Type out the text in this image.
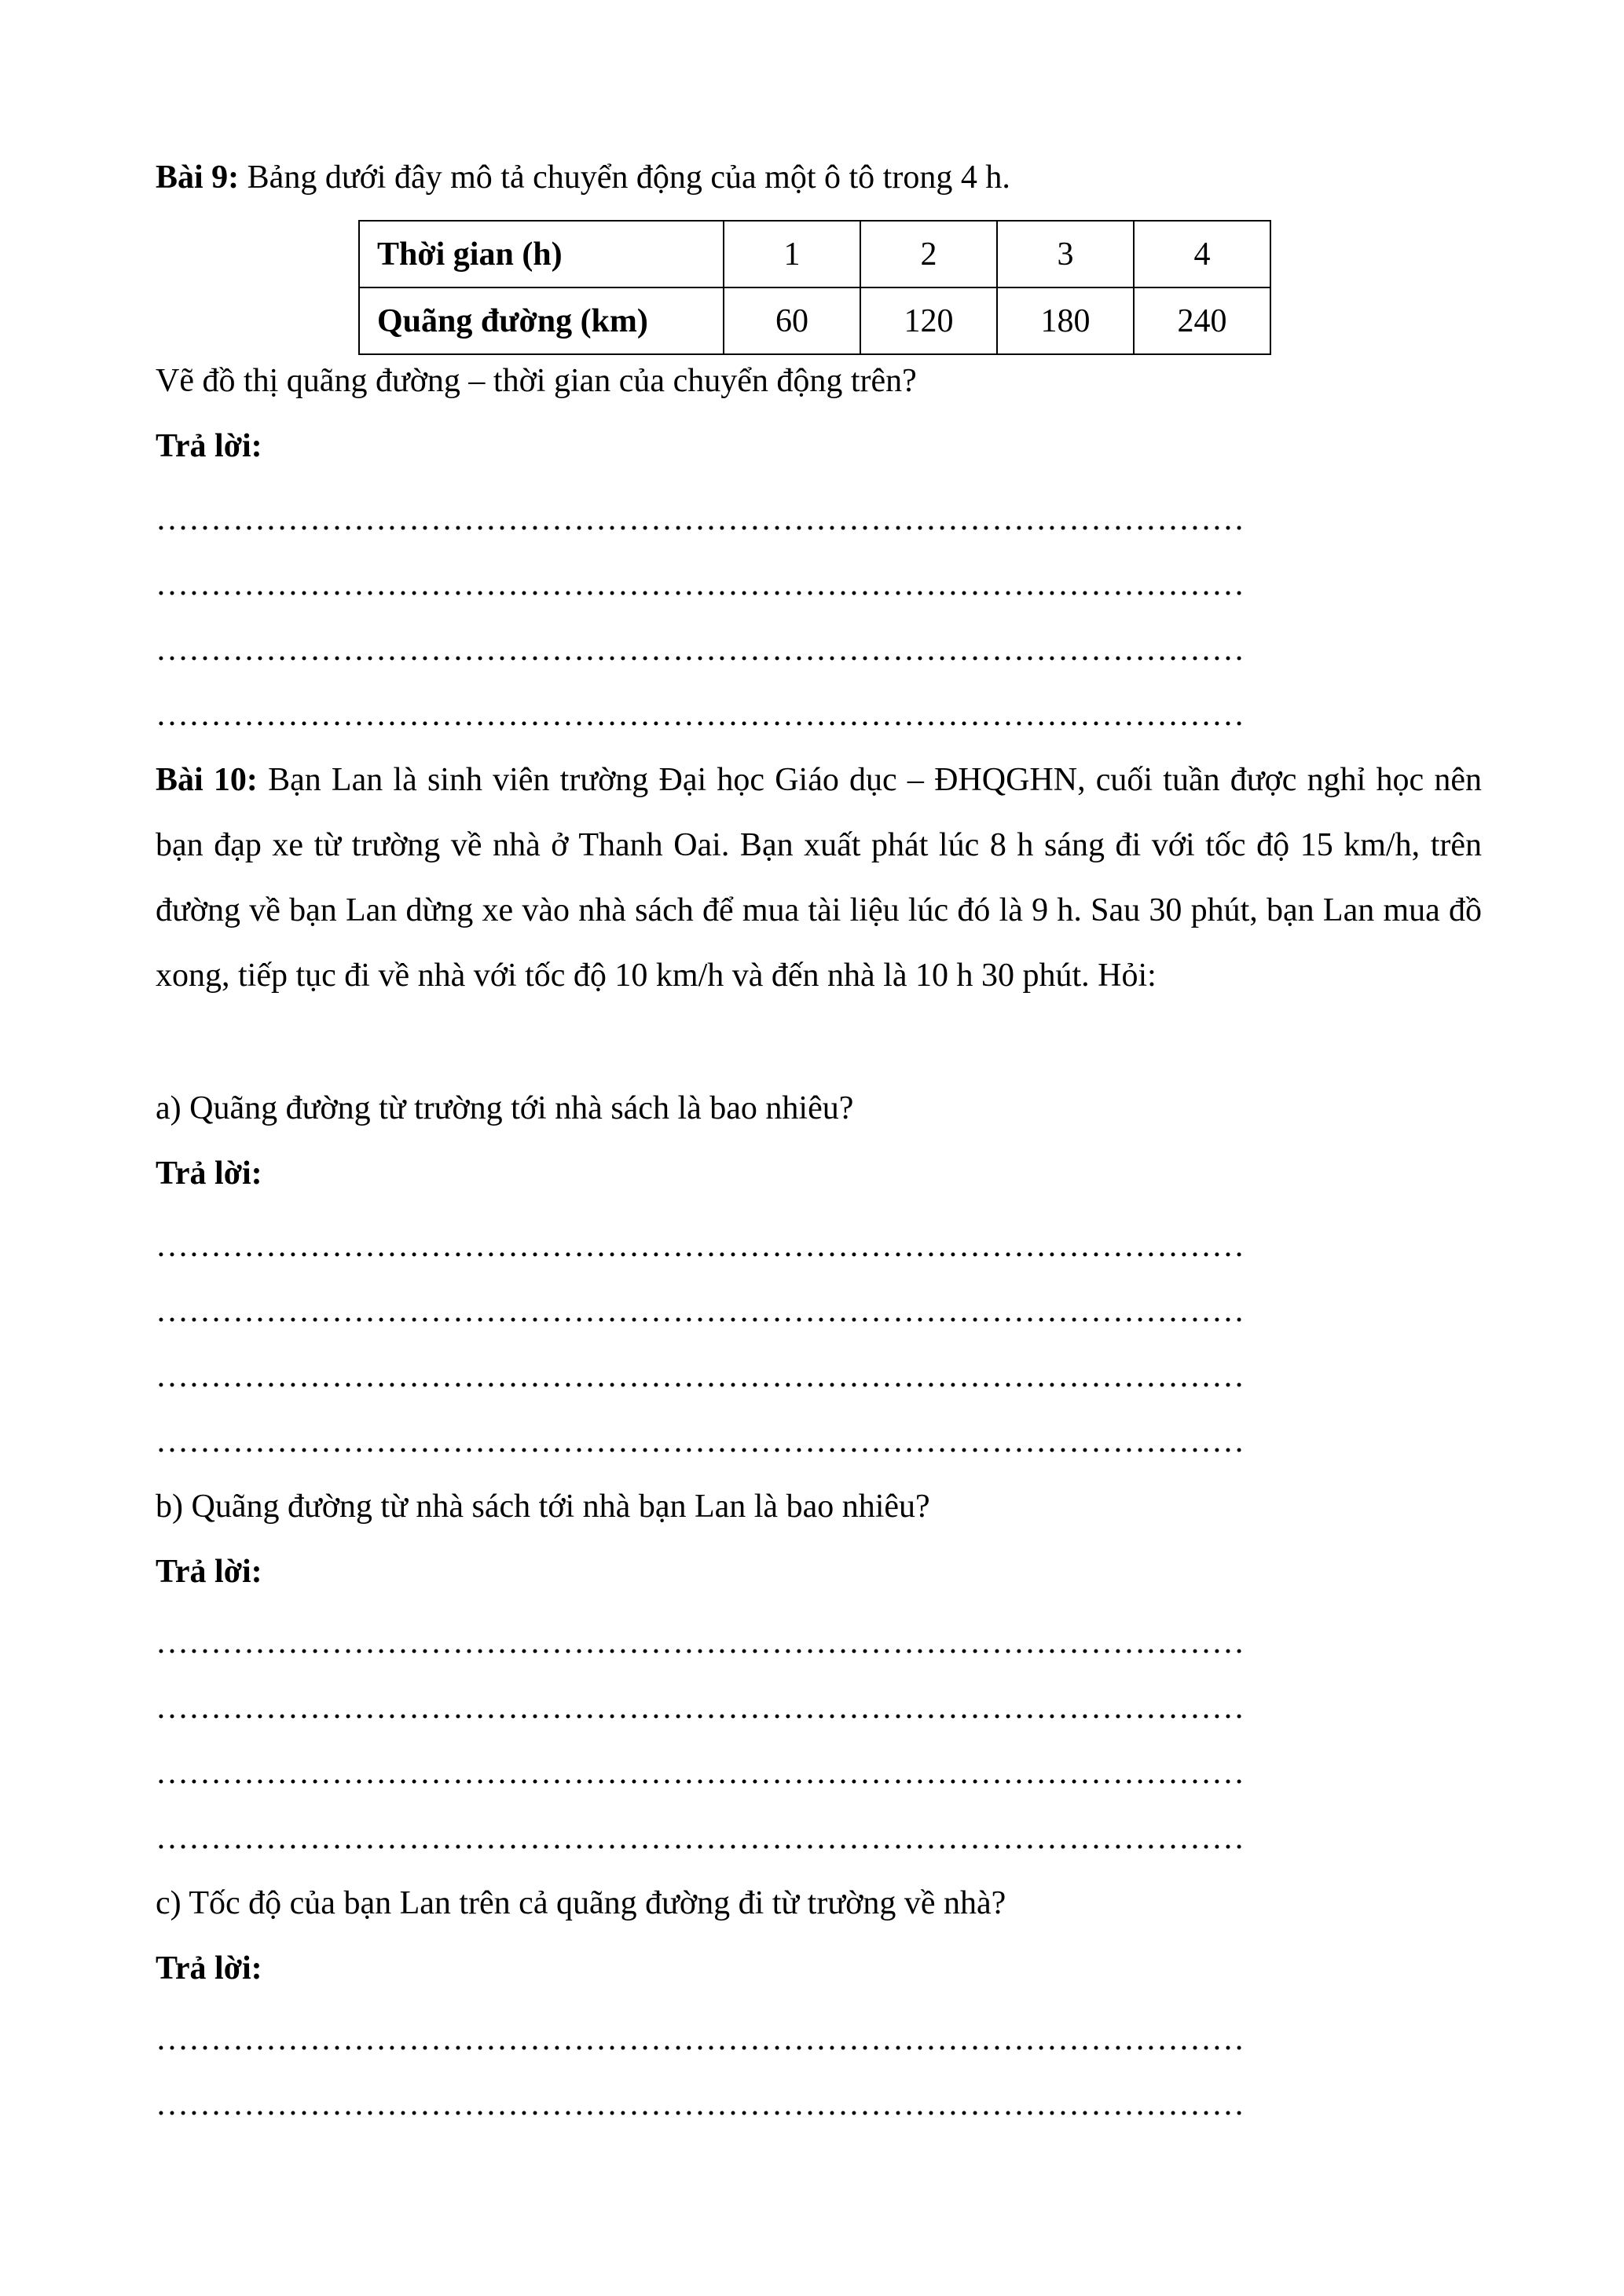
Bài 9: Bảng dưới đây mô tả chuyển động của một ô tô trong 4 h.

Thời gian (h)	1	2	3	4
Quãng đường (km)	60	120	180	240

Vẽ đồ thị quãng đường – thời gian của chuyển động trên?

Trả lời:

………………………………………………………………………………………

………………………………………………………………………………………

………………………………………………………………………………………

………………………………………………………………………………………

Bài 10: Bạn Lan là sinh viên trường Đại học Giáo dục – ĐHQGHN, cuối tuần được nghỉ học nên bạn đạp xe từ trường về nhà ở Thanh Oai. Bạn xuất phát lúc 8 h sáng đi với tốc độ 15 km/h, trên đường về bạn Lan dừng xe vào nhà sách để mua tài liệu lúc đó là 9 h. Sau 30 phút, bạn Lan mua đồ xong, tiếp tục đi về nhà với tốc độ 10 km/h và đến nhà là 10 h 30 phút. Hỏi:

a) Quãng đường từ trường tới nhà sách là bao nhiêu?

Trả lời:

………………………………………………………………………………………

………………………………………………………………………………………

………………………………………………………………………………………

………………………………………………………………………………………

b) Quãng đường từ nhà sách tới nhà bạn Lan là bao nhiêu?

Trả lời:

………………………………………………………………………………………

………………………………………………………………………………………

………………………………………………………………………………………

………………………………………………………………………………………

c) Tốc độ của bạn Lan trên cả quãng đường đi từ trường về nhà?

Trả lời:

………………………………………………………………………………………

………………………………………………………………………………………
